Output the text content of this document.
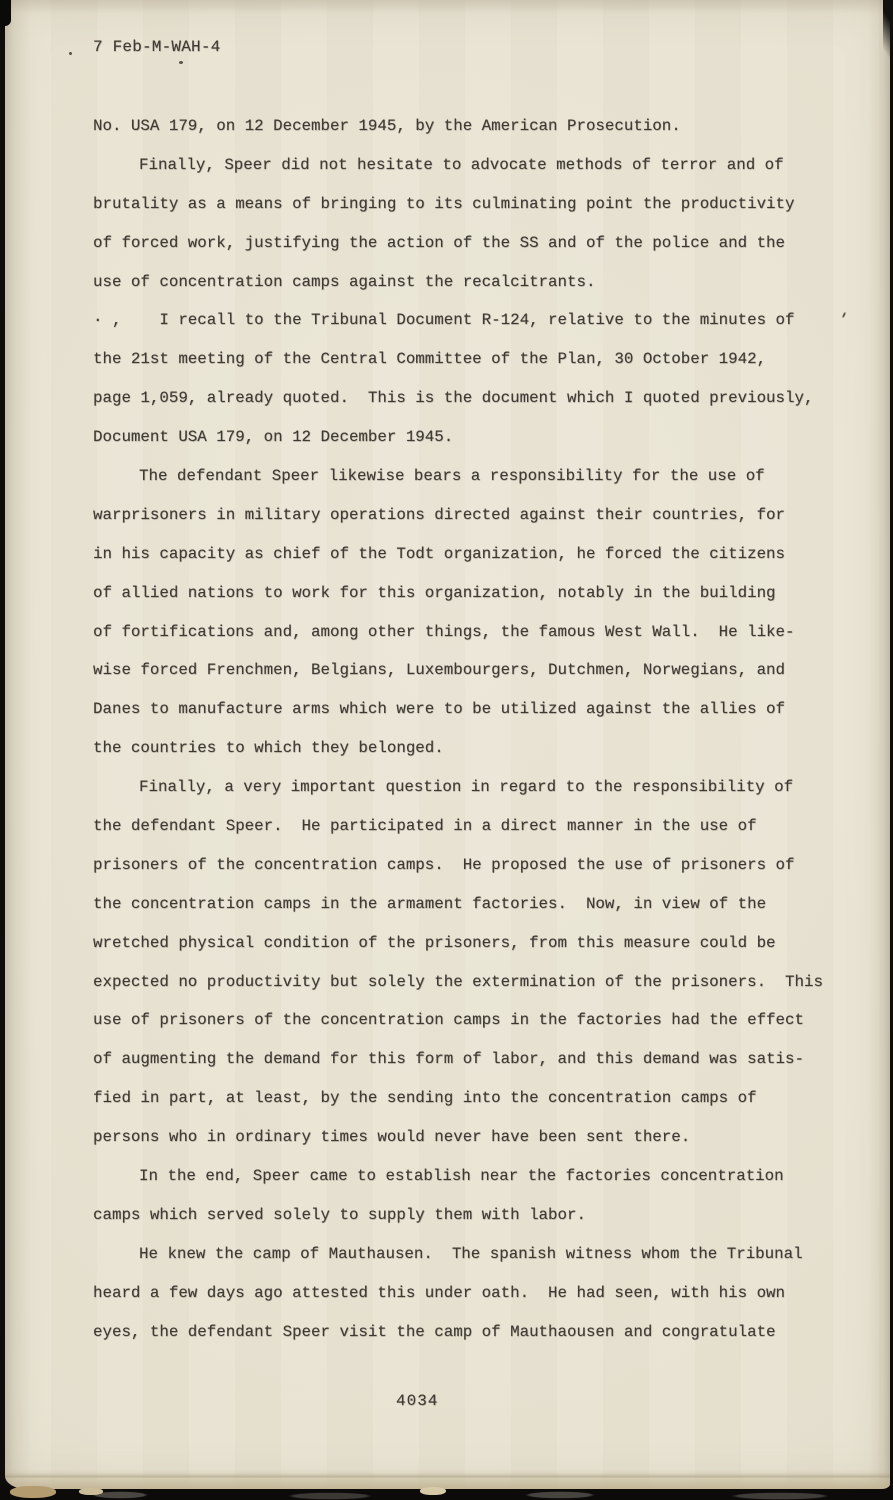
7 Feb-M-WAH-4
No. USA 179, on 12 December 1945, by the American Prosecution.
Finally, Speer did not hesitate to advocate methods of terror and of
brutality as a means of bringing to its culminating point the productivity
of forced work, justifying the action of the SS and of the police and the
use of concentration camps against the recalcitrants.
· ,    I recall to the Tribunal Document R-124, relative to the minutes of
the 21st meeting of the Central Committee of the Plan, 30 October 1942,
page 1,059, already quoted.  This is the document which I quoted previously,
Document USA 179, on 12 December 1945.
The defendant Speer likewise bears a responsibility for the use of
warprisoners in military operations directed against their countries, for
in his capacity as chief of the Todt organization, he forced the citizens
of allied nations to work for this organization, notably in the building
of fortifications and, among other things, the famous West Wall.  He like-
wise forced Frenchmen, Belgians, Luxembourgers, Dutchmen, Norwegians, and
Danes to manufacture arms which were to be utilized against the allies of
the countries to which they belonged.
Finally, a very important question in regard to the responsibility of
the defendant Speer.  He participated in a direct manner in the use of
prisoners of the concentration camps.  He proposed the use of prisoners of
the concentration camps in the armament factories.  Now, in view of the
wretched physical condition of the prisoners, from this measure could be
expected no productivity but solely the extermination of the prisoners.  This
use of prisoners of the concentration camps in the factories had the effect
of augmenting the demand for this form of labor, and this demand was satis-
fied in part, at least, by the sending into the concentration camps of
persons who in ordinary times would never have been sent there.
In the end, Speer came to establish near the factories concentration
camps which served solely to supply them with labor.
He knew the camp of Mauthausen.  The spanish witness whom the Tribunal
heard a few days ago attested this under oath.  He had seen, with his own
eyes, the defendant Speer visit the camp of Mauthaousen and congratulate
4034
